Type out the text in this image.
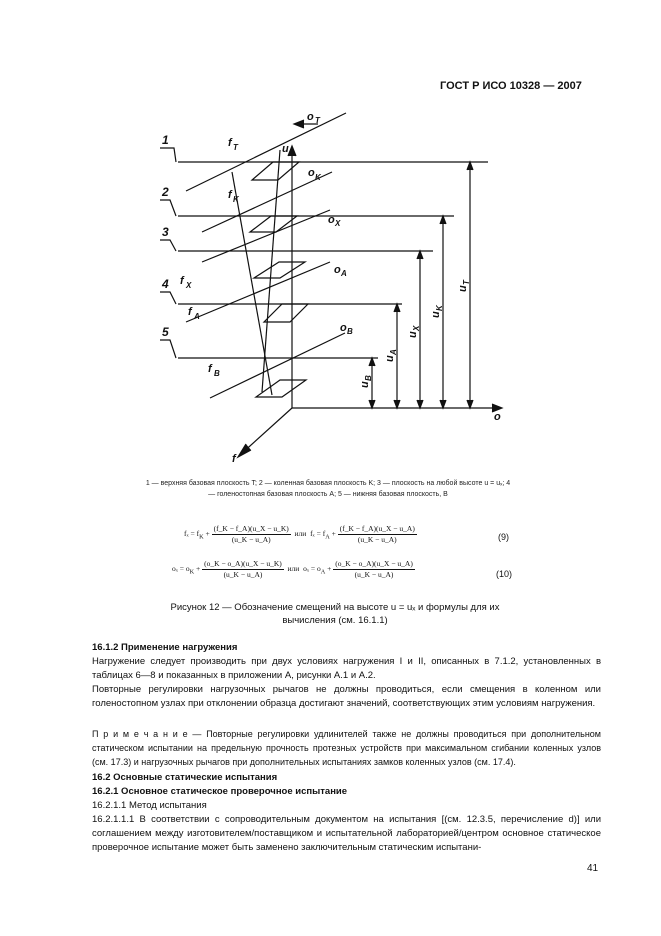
ГОСТ Р ИСО 10328 — 2007
1
2
3
4
5
o T
o K
o X
o A
o B
f T
f K
f X
f A
f B
u
o
f
u
T
u
K
u
X
u
A
u
B
1 — верхняя базовая плоскость T; 2 — коленная базовая плоскость K; 3 — плоскость на любой высоте u = uₓ; 4 — голеностопная базовая плоскость A; 5 — нижняя базовая плоскость, B
$f_x = f_K + \frac{(f\_K - f\_A)(u\_X - u\_K)}{(u\_K - u\_A)}$ или $f_x = f_A + \frac{(f\_K - f\_A)(u\_X - u\_A)}{(u\_K - u\_A)}$	(9)
$o_x = o_K + \frac{(o\_K - o\_A)(u\_X - u\_K)}{(u\_K - u\_A)}$ или $o_x = o_A + \frac{(o\_K - o\_A)(u\_X - u\_A)}{(u\_K - u\_A)}$	(10)
Рисунок 12 — Обозначение смещений на высоте u = uₓ и формулы для их вычисления (см. 16.1.1)
16.1.2 Применение нагружения
Нагружение следует производить при двух условиях нагружения I и II, описанных в 7.1.2, установленных в таблицах 6—8 и показанных в приложении А, рисунки А.1 и А.2.
Повторные регулировки нагрузочных рычагов не должны проводиться, если смещения в коленном или голеностопном узлах при отклонении образца достигают значений, соответствующих этим условиям нагружения.
П р и м е ч а н и е — Повторные регулировки удлинителей также не должны проводиться при дополнительном статическом испытании на предельную прочность протезных устройств при максимальном сгибании коленных узлов (см. 17.3) и нагрузочных рычагов при дополнительных испытаниях замков коленных узлов (см. 17.4).
16.2 Основные статические испытания
16.2.1 Основное статическое проверочное испытание
16.2.1.1 Метод испытания
16.2.1.1.1 В соответствии с сопроводительным документом на испытания [(см. 12.3.5, перечисление d)] или соглашением между изготовителем/поставщиком и испытательной лабораторией/центром основное статическое проверочное испытание может быть заменено заключительным статическим испытани-
41
